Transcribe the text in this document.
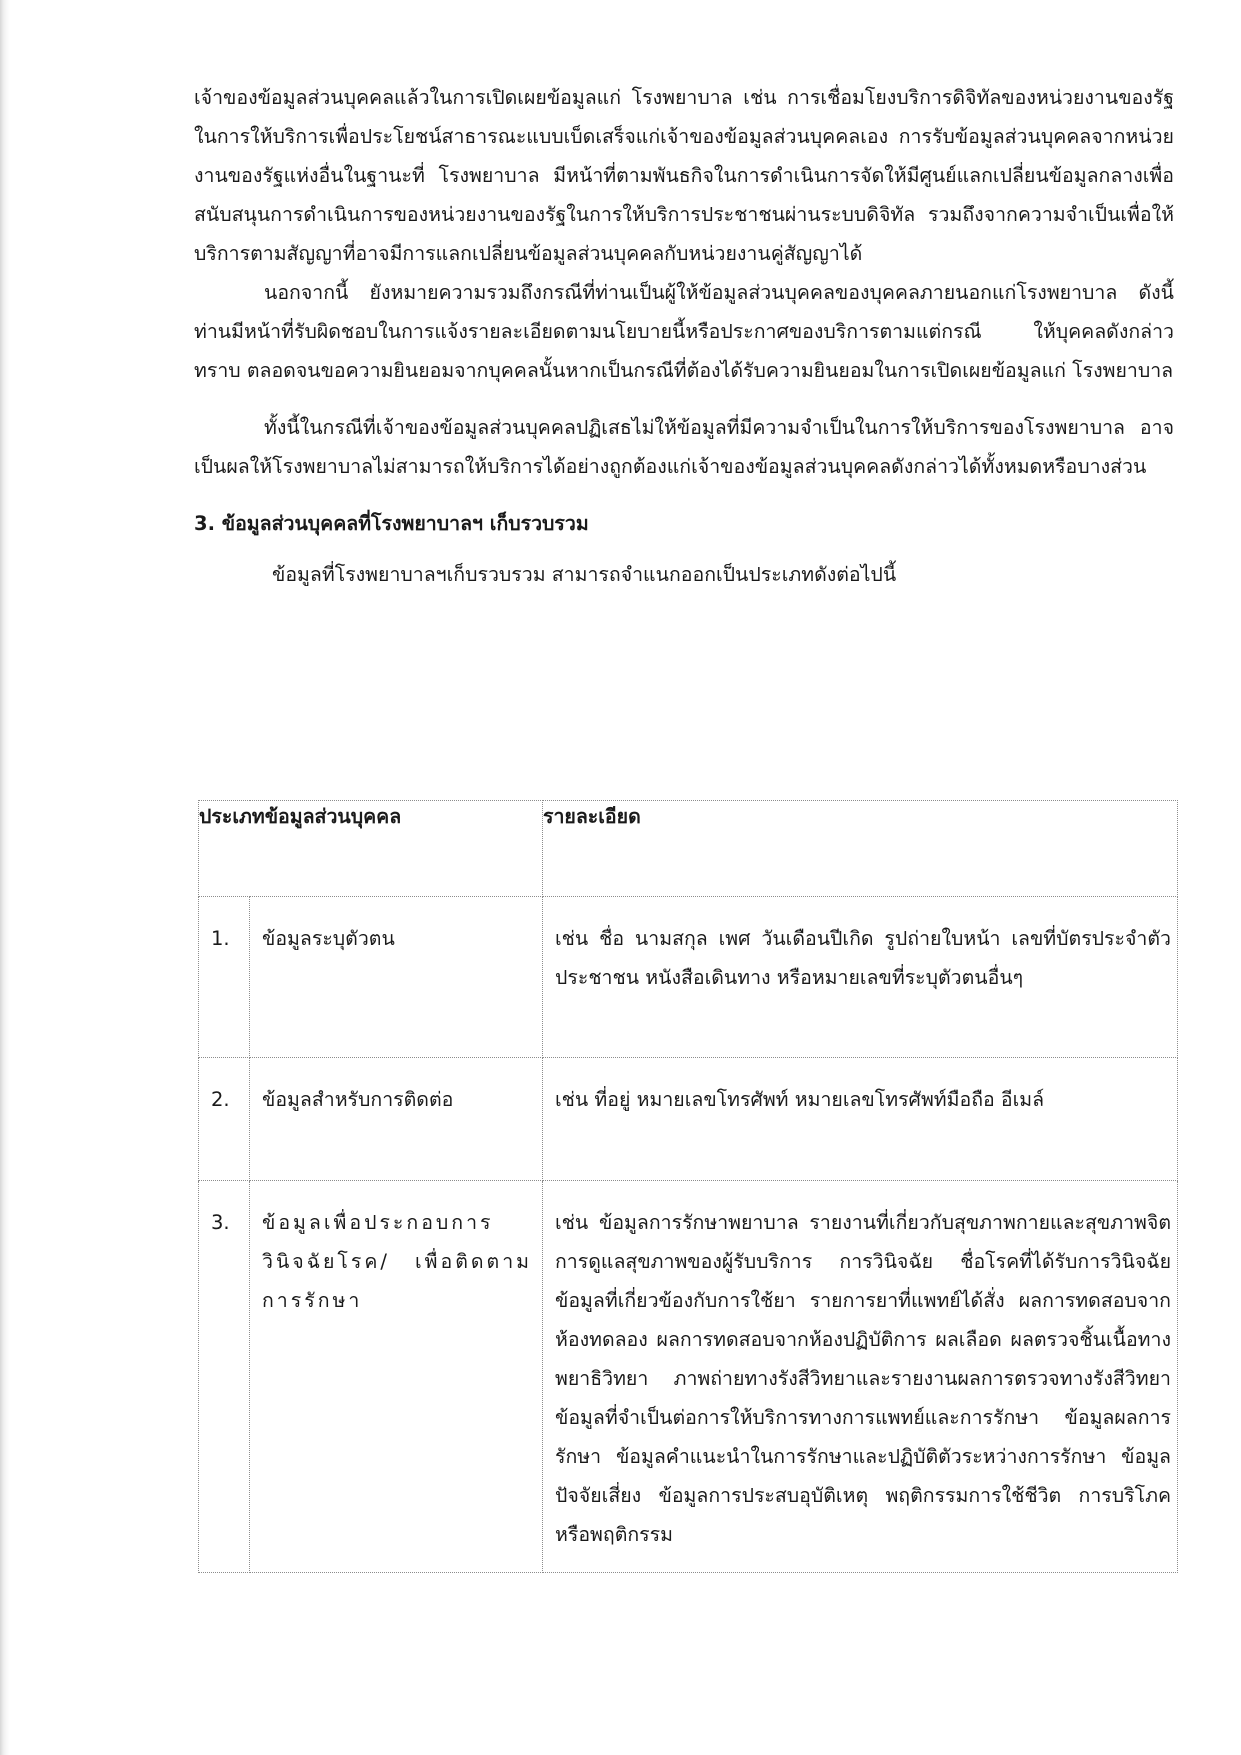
เจ้าของข้อมูลส่วนบุคคลแล้วในการเปิดเผยข้อมูลแก่ โรงพยาบาล เช่น การเชื่อมโยงบริการดิจิทัลของหน่วยงานของรัฐในการให้บริการเพื่อประโยชน์สาธารณะแบบเบ็ดเสร็จแก่เจ้าของข้อมูลส่วนบุคคลเอง การรับข้อมูลส่วนบุคคลจากหน่วยงานของรัฐแห่งอื่นในฐานะที่ โรงพยาบาล มีหน้าที่ตามพันธกิจในการดำเนินการจัดให้มีศูนย์แลกเปลี่ยนข้อมูลกลางเพื่อสนับสนุนการดำเนินการของหน่วยงานของรัฐในการให้บริการประชาชนผ่านระบบดิจิทัล รวมถึงจากความจำเป็นเพื่อให้บริการตามสัญญาที่อาจมีการแลกเปลี่ยนข้อมูลส่วนบุคคลกับหน่วยงานคู่สัญญาได้

นอกจากนี้ ยังหมายความรวมถึงกรณีที่ท่านเป็นผู้ให้ข้อมูลส่วนบุคคลของบุคคลภายนอกแก่โรงพยาบาล ดังนี้ ท่านมีหน้าที่รับผิดชอบในการแจ้งรายละเอียดตามนโยบายนี้หรือประกาศของบริการตามแต่กรณี ให้บุคคลดังกล่าวทราบ ตลอดจนขอความยินยอมจากบุคคลนั้นหากเป็นกรณีที่ต้องได้รับความยินยอมในการเปิดเผยข้อมูลแก่ โรงพยาบาล

ทั้งนี้ในกรณีที่เจ้าของข้อมูลส่วนบุคคลปฏิเสธไม่ให้ข้อมูลที่มีความจำเป็นในการให้บริการของโรงพยาบาล อาจเป็นผลให้โรงพยาบาลไม่สามารถให้บริการได้อย่างถูกต้องแก่เจ้าของข้อมูลส่วนบุคคลดังกล่าวได้ทั้งหมดหรือบางส่วน

3. ข้อมูลส่วนบุคคลที่โรงพยาบาลฯ เก็บรวบรวม

ข้อมูลที่โรงพยาบาลฯเก็บรวบรวม สามารถจำแนกออกเป็นประเภทดังต่อไปนี้

ประเภทข้อมูลส่วนบุคคล		รายละเอียด
1.	ข้อมูลระบุตัวตน	เช่น ชื่อ นามสกุล เพศ วันเดือนปีเกิด รูปถ่ายใบหน้า เลขที่บัตรประจำตัวประชาชน หนังสือเดินทาง หรือหมายเลขที่ระบุตัวตนอื่นๆ
2.	ข้อมูลสำหรับการติดต่อ	เช่น ที่อยู่ หมายเลขโทรศัพท์ หมายเลขโทรศัพท์มือถือ อีเมล์
3.	ข้อมูลเพื่อประกอบการวินิจฉัยโรค/ เพื่อติดตามการรักษา	เช่น ข้อมูลการรักษาพยาบาล รายงานที่เกี่ยวกับสุขภาพกายและสุขภาพจิต การดูแลสุขภาพของผู้รับบริการ การวินิจฉัย ชื่อโรคที่ได้รับการวินิจฉัย ข้อมูลที่เกี่ยวข้องกับการใช้ยา รายการยาที่แพทย์ได้สั่ง ผลการทดสอบจากห้องทดลอง ผลการทดสอบจากห้องปฏิบัติการ ผลเลือด ผลตรวจชิ้นเนื้อทางพยาธิวิทยา ภาพถ่ายทางรังสีวิทยาและรายงานผลการตรวจทางรังสีวิทยา ข้อมูลที่จำเป็นต่อการให้บริการทางการแพทย์และการรักษา ข้อมูลผลการรักษา ข้อมูลคำแนะนำในการรักษาและปฏิบัติตัวระหว่างการรักษา ข้อมูลปัจจัยเสี่ยง ข้อมูลการประสบอุบัติเหตุ พฤติกรรมการใช้ชีวิต การบริโภค หรือพฤติกรรม
